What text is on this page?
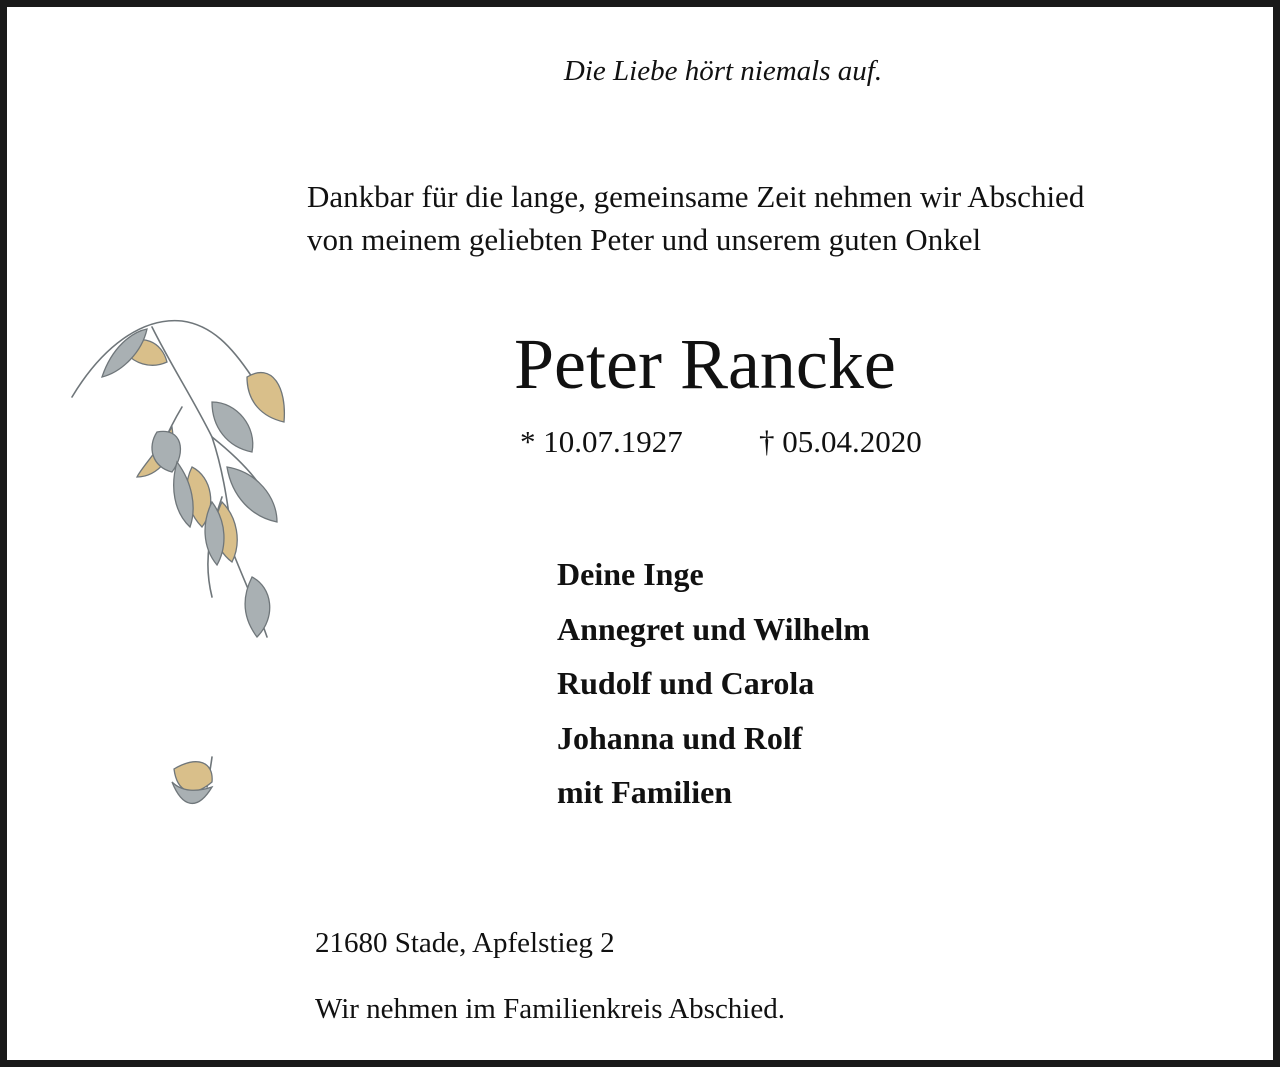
Die Liebe hört niemals auf.
Dankbar für die lange, gemeinsame Zeit nehmen wir Abschied
von meinem geliebten Peter und unserem guten Onkel
Peter Rancke
* 10.07.1927 † 05.04.2020
Deine Inge
Annegret und Wilhelm
Rudolf und Carola
Johanna und Rolf
mit Familien
21680 Stade, Apfelstieg 2
Wir nehmen im Familienkreis Abschied.
